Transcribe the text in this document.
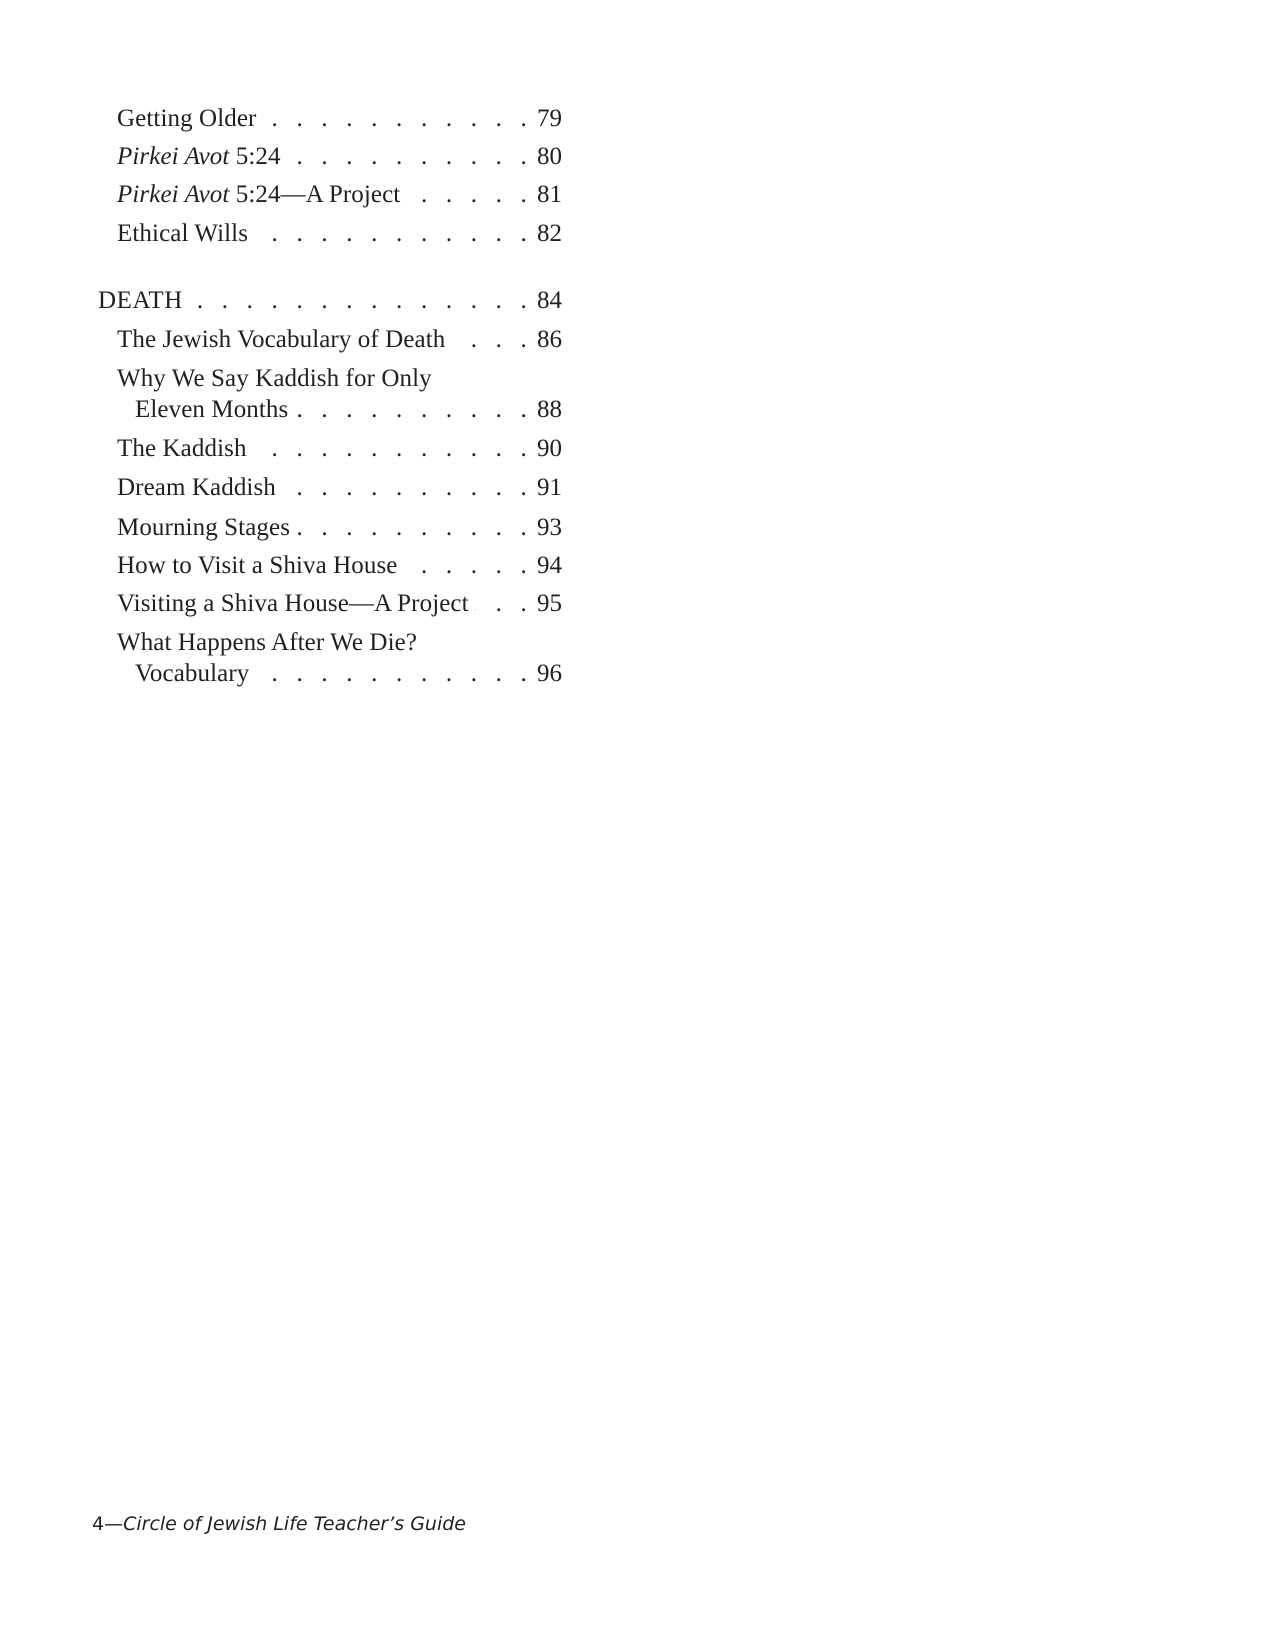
Getting Older . . .	79
Pirkei Avot 5:24 . . .	80
Pirkei Avot 5:24—A Project . . .	81
Ethical Wills . . .	82
DEATH . . .	84
The Jewish Vocabulary of Death . . .	86
Why We Say Kaddish for Only
Eleven Months . . .	88
The Kaddish . . .	90
Dream Kaddish . . .	91
Mourning Stages . . .	93
How to Visit a Shiva House . . .	94
Visiting a Shiva House—A Project . . .	95
What Happens After We Die?
Vocabulary . . .	96
4—Circle of Jewish Life Teacher’s Guide
